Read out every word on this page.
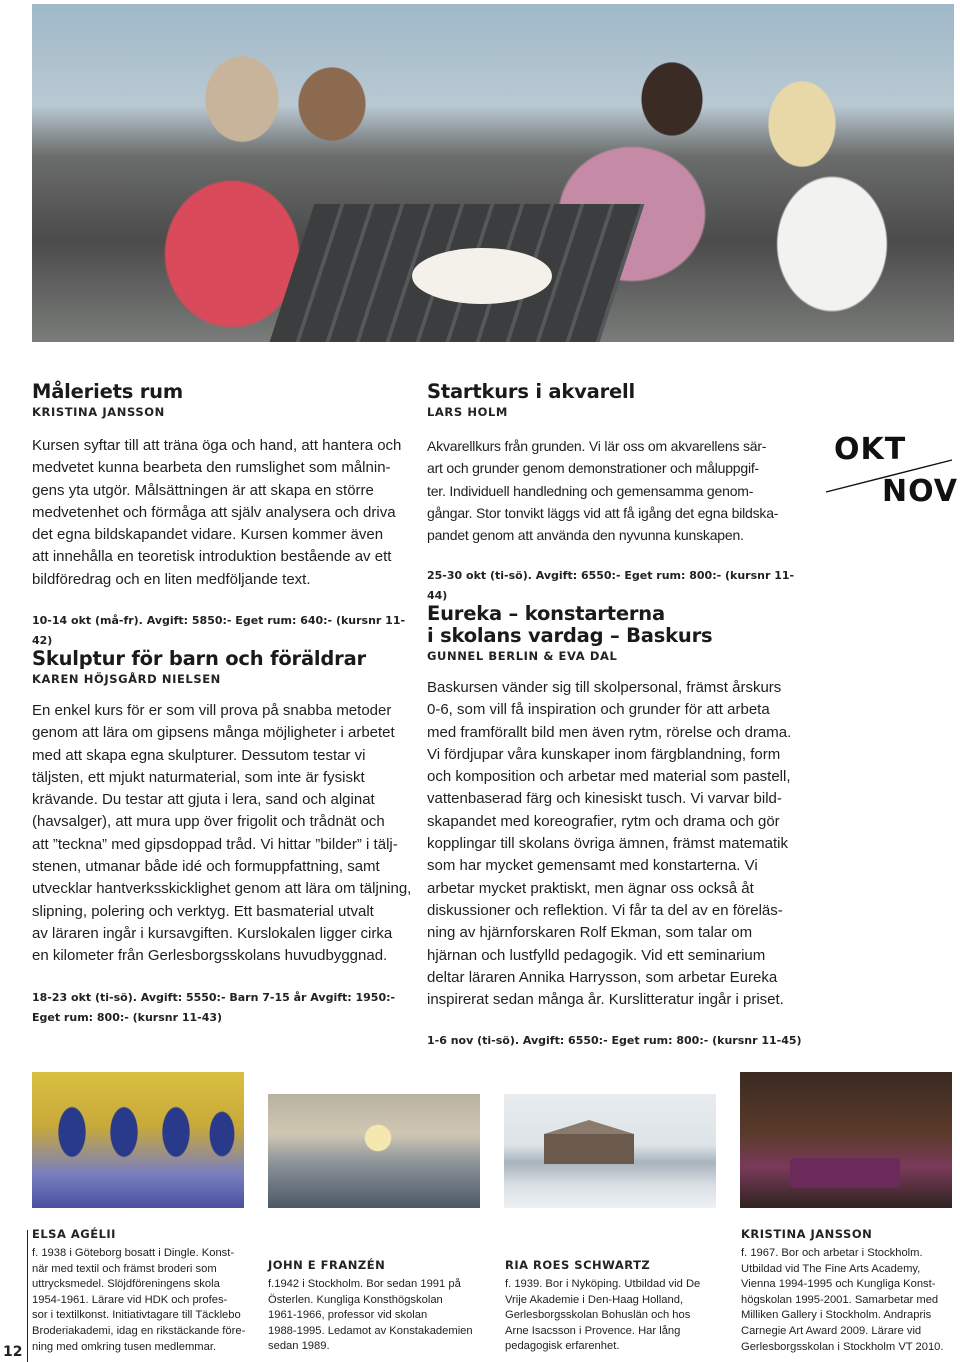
OKT
NOV
Måleriets rum
KRISTINA JANSSON
Kursen syftar till att träna öga och hand, att hantera och
medvetet kunna bearbeta den rumslighet som målnin-
gens yta utgör. Målsättningen är att skapa en större
medvetenhet och förmåga att själv analysera och driva
det egna bildskapandet vidare. Kursen kommer även
att innehålla en teoretisk introduktion bestående av ett
bildföredrag och en liten medföljande text.
10-14 okt (må-fr). Avgift: 5850:- Eget rum: 640:- (kursnr 11-42)
Skulptur för barn och föräldrar
KAREN HÖJSGÅRD NIELSEN
En enkel kurs för er som vill prova på snabba metoder
genom att lära om gipsens många möjligheter i arbetet
med att skapa egna skulpturer. Dessutom testar vi
täljsten, ett mjukt naturmaterial, som inte är fysiskt
krävande. Du testar att gjuta i lera, sand och alginat
(havsalger), att mura upp över frigolit och trådnät och
att ”teckna” med gipsdoppad tråd. Vi hittar ”bilder” i tälj-
stenen, utmanar både idé och formuppfattning, samt
utvecklar hantverksskicklighet genom att lära om täljning,
slipning, polering och verktyg. Ett basmaterial utvalt
av läraren ingår i kursavgiften. Kurslokalen ligger cirka
en kilometer från Gerlesborgsskolans huvudbyggnad.
18-23 okt (ti-sö). Avgift: 5550:- Barn 7-15 år Avgift: 1950:-
Eget rum: 800:- (kursnr 11-43)
Startkurs i akvarell
LARS HOLM
Akvarellkurs från grunden. Vi lär oss om akvarellens sär-
art och grunder genom demonstrationer och måluppgif-
ter. Individuell handledning och gemensamma genom-
gångar. Stor tonvikt läggs vid att få igång det egna bildska-
pandet genom att använda den nyvunna kunskapen.
25-30 okt (ti-sö). Avgift: 6550:- Eget rum: 800:- (kursnr 11-44)
Eureka – konstarterna
i skolans vardag – Baskurs
GUNNEL BERLIN & EVA DAL
Baskursen vänder sig till skolpersonal, främst årskurs
0-6, som vill få inspiration och grunder för att arbeta
med framförallt bild men även rytm, rörelse och drama.
Vi fördjupar våra kunskaper inom färgblandning, form
och komposition och arbetar med material som pastell,
vattenbaserad färg och kinesiskt tusch. Vi varvar bild-
skapandet med koreografier, rytm och drama och gör
kopplingar till skolans övriga ämnen, främst matematik
som har mycket gemensamt med konstarterna. Vi
arbetar mycket praktiskt, men ägnar oss också åt
diskussioner och reflektion. Vi får ta del av en föreläs-
ning av hjärnforskaren Rolf Ekman, som talar om
hjärnan och lustfylld pedagogik. Vid ett seminarium
deltar läraren Annika Harrysson, som arbetar Eureka
inspirerat sedan många år. Kurslitteratur ingår i priset.
1-6 nov (ti-sö). Avgift: 6550:- Eget rum: 800:- (kursnr 11-45)
ELSA AGÉLII
f. 1938 i Göteborg bosatt i Dingle. Konst-
när med textil och främst broderi som
uttrycksmedel. Slöjdföreningens skola
1954-1961. Lärare vid HDK och profes-
sor i textilkonst. Initiativtagare till Täcklebo
Broderiakademi, idag en rikstäckande före-
ning med omkring tusen medlemmar.
JOHN E FRANZÉN
f.1942 i Stockholm. Bor sedan 1991 på
Österlen. Kungliga Konsthögskolan
1961-1966, professor vid skolan
1988-1995. Ledamot av Konstakademien
sedan 1989.
RIA ROES SCHWARTZ
f. 1939. Bor i Nyköping. Utbildad vid De
Vrije Akademie i Den-Haag Holland,
Gerlesborgsskolan Bohuslän och hos
Arne Isacsson i Provence. Har lång
pedagogisk erfarenhet.
KRISTINA JANSSON
f. 1967. Bor och arbetar i Stockholm.
Utbildad vid The Fine Arts Academy,
Vienna 1994-1995 och Kungliga Konst-
högskolan 1995-2001. Samarbetar med
Milliken Gallery i Stockholm. Andrapris
Carnegie Art Award 2009. Lärare vid
Gerlesborgsskolan i Stockholm VT 2010.
12
